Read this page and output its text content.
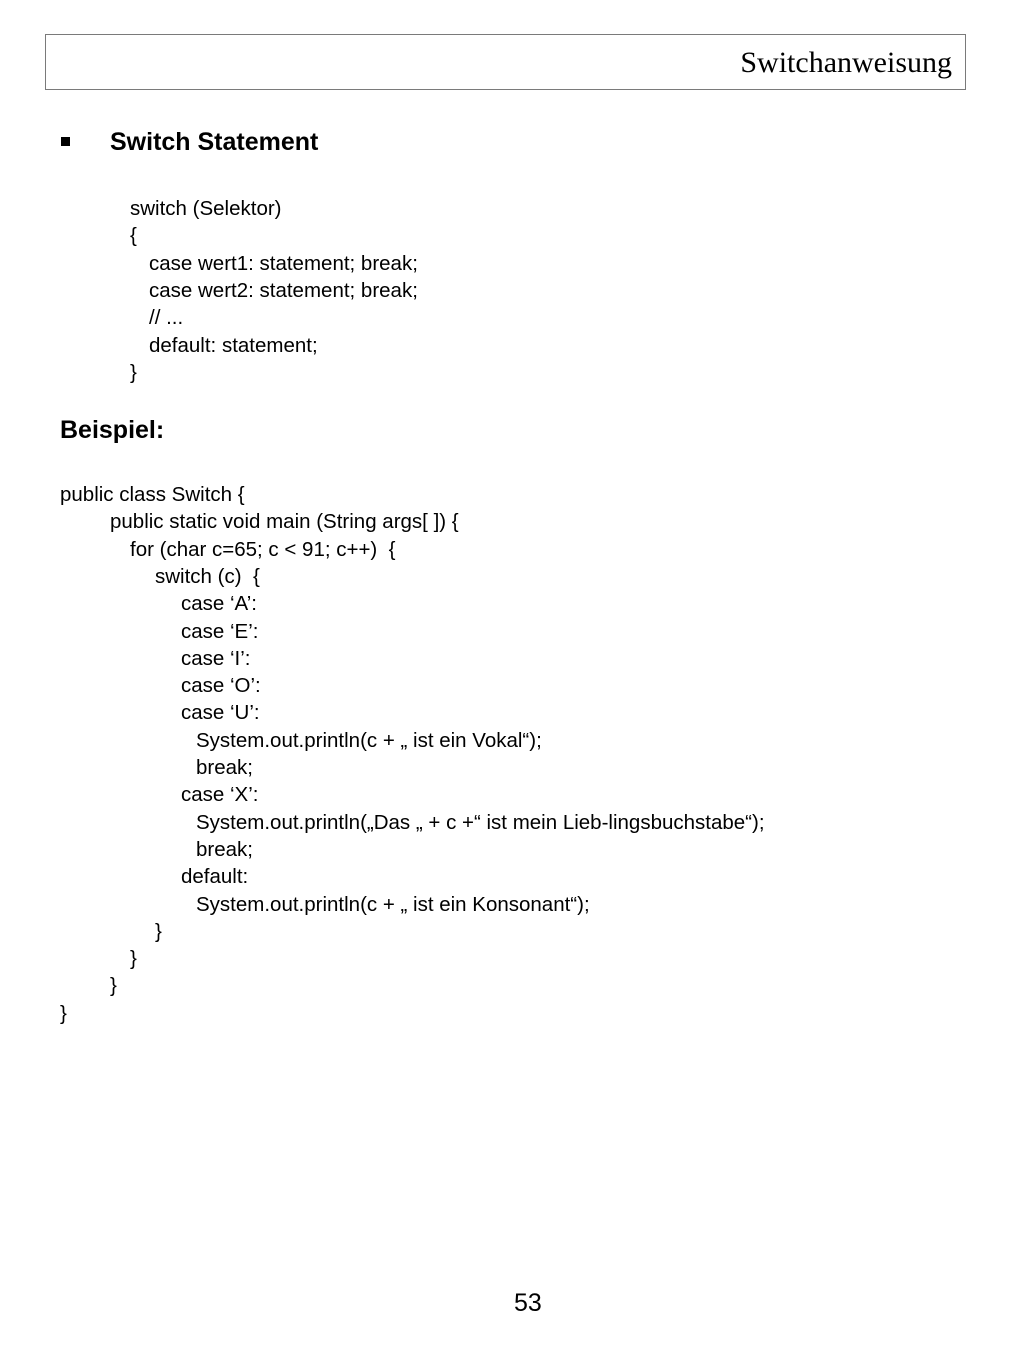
Switchanweisung
Switch Statement
switch (Selektor)
{
case wert1: statement; break;
case wert2: statement; break;
// ...
default: statement;
}
Beispiel:
public class Switch {
public static void main (String args[ ]) {
for (char c=65; c < 91; c++)  {
switch (c)  {
case ‘A’:
case ‘E’:
case ‘I’:
case ‘O’:
case ‘U’:
System.out.println(c + „ ist ein Vokal“);
break;
case ‘X’:
System.out.println(„Das „ + c +“ ist mein Lieb-lingsbuchstabe“);
break;
default:
System.out.println(c + „ ist ein Konsonant“);
}
}
}
}
53
